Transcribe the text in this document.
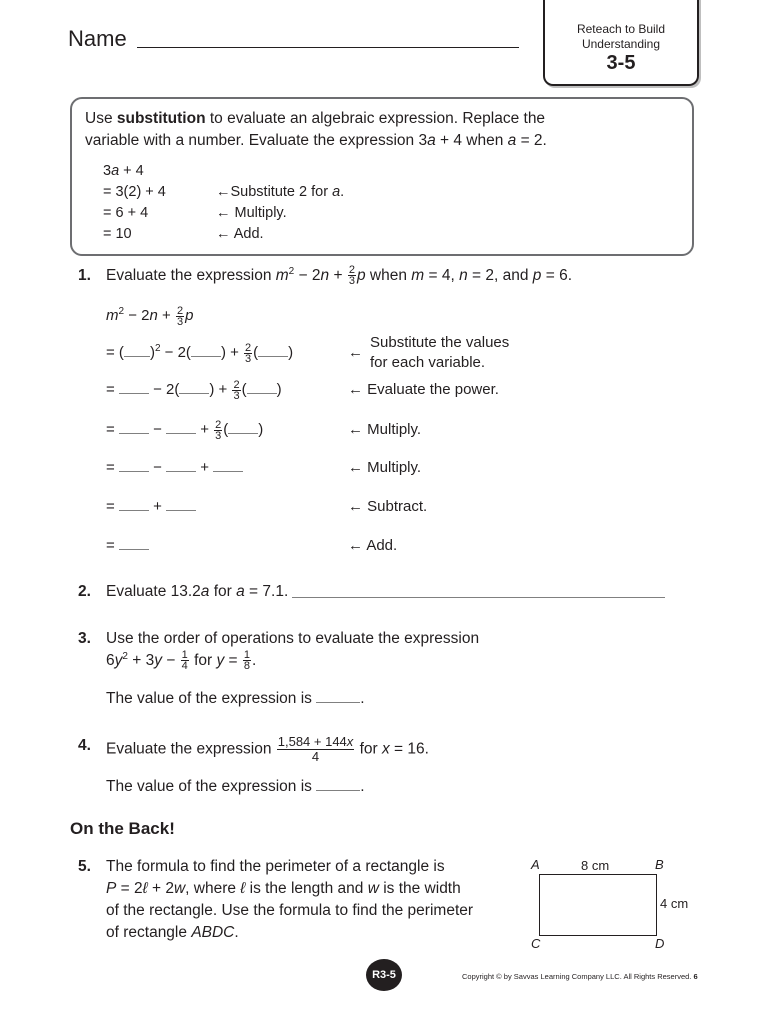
Name	Reteach to Build
Understanding
3-5
Use substitution to evaluate an algebraic expression. Replace the
variable with a number. Evaluate the expression 3a + 4 when a = 2.
3a + 4
= 3(2) + 4	←Substitute 2 for a.
= 6 + 4	← Multiply.
= 10	← Add.
1. Evaluate the expression $m^2 - 2n + \frac{2}{3}$ p when m = 4, n = 2, and p = 6.
$m^2 - 2n + \frac{2}{3}$ p
= ( )$^2$ − 2( ) + $\frac{2}{3}$ ( )	←
Substitute the values
for each variable.
=  − 2( ) + $\frac{2}{3}$ ( )	← Evaluate the power.
=  −  + $\frac{2}{3}$ ( )	← Multiply.
=  −  +	← Multiply.
=  +	← Subtract.
=	← Add.
2. Evaluate 13.2a for a = 7.1.
3. Use the order of operations to evaluate the expression
$6y^2 + 3y - \frac{1}{4}$ for $y = \frac{1}{8}$ .
The value of the expression is	.
4. Evaluate the expression $\frac{1,584 + 144x}{4}$ for x = 16.
The value of the expression is	.
On the Back!
5. The formula to find the perimeter of a rectangle is
P = 2ℓ + 2w, where ℓ is the length and w is the width
of the rectangle. Use the formula to find the perimeter
of rectangle ABDC.
A	B
C	D
8 cm
4 cm
R3-5	Copyright © by Savvas Learning Company LLC. All Rights Reserved. 6
